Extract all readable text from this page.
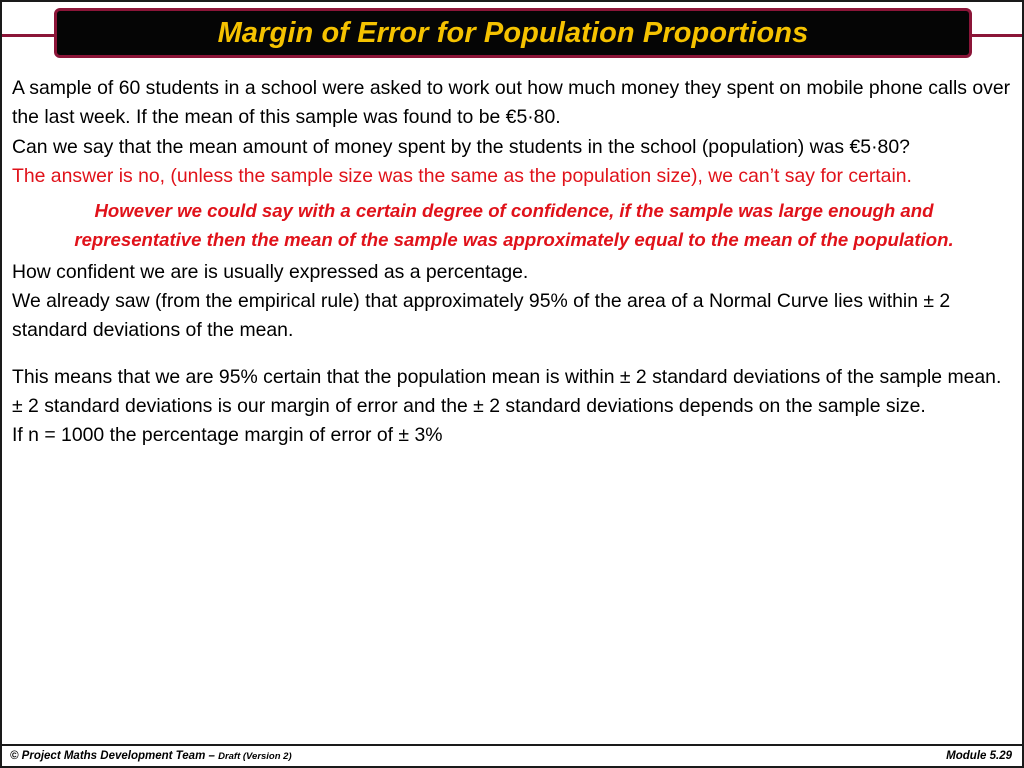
Margin of Error for Population Proportions

A sample of 60 students in a school were asked to work out how much money they spent on mobile phone calls over the last week. If the mean of this sample was found to be €5·80.

Can we say that the mean amount of money spent by the students in the school (population) was €5·80?

The answer is no, (unless the sample size was the same as the population size), we can’t say for certain.

However we could say with a certain degree of confidence, if the sample was large enough and representative then the mean of the sample was approximately equal to the mean of the population.

How confident we are is usually expressed as a percentage.

We already saw (from the empirical rule) that approximately 95% of the area of a Normal Curve lies within ± 2 standard deviations of the mean.

This means that we are 95% certain that the population mean is within ± 2 standard deviations of the sample mean. ± 2 standard deviations is our margin of error and the ± 2 standard deviations depends on the sample size.

If n = 1000 the percentage margin of error of ± 3%

© Project Maths Development Team – Draft (Version 2)	Module 5.29
